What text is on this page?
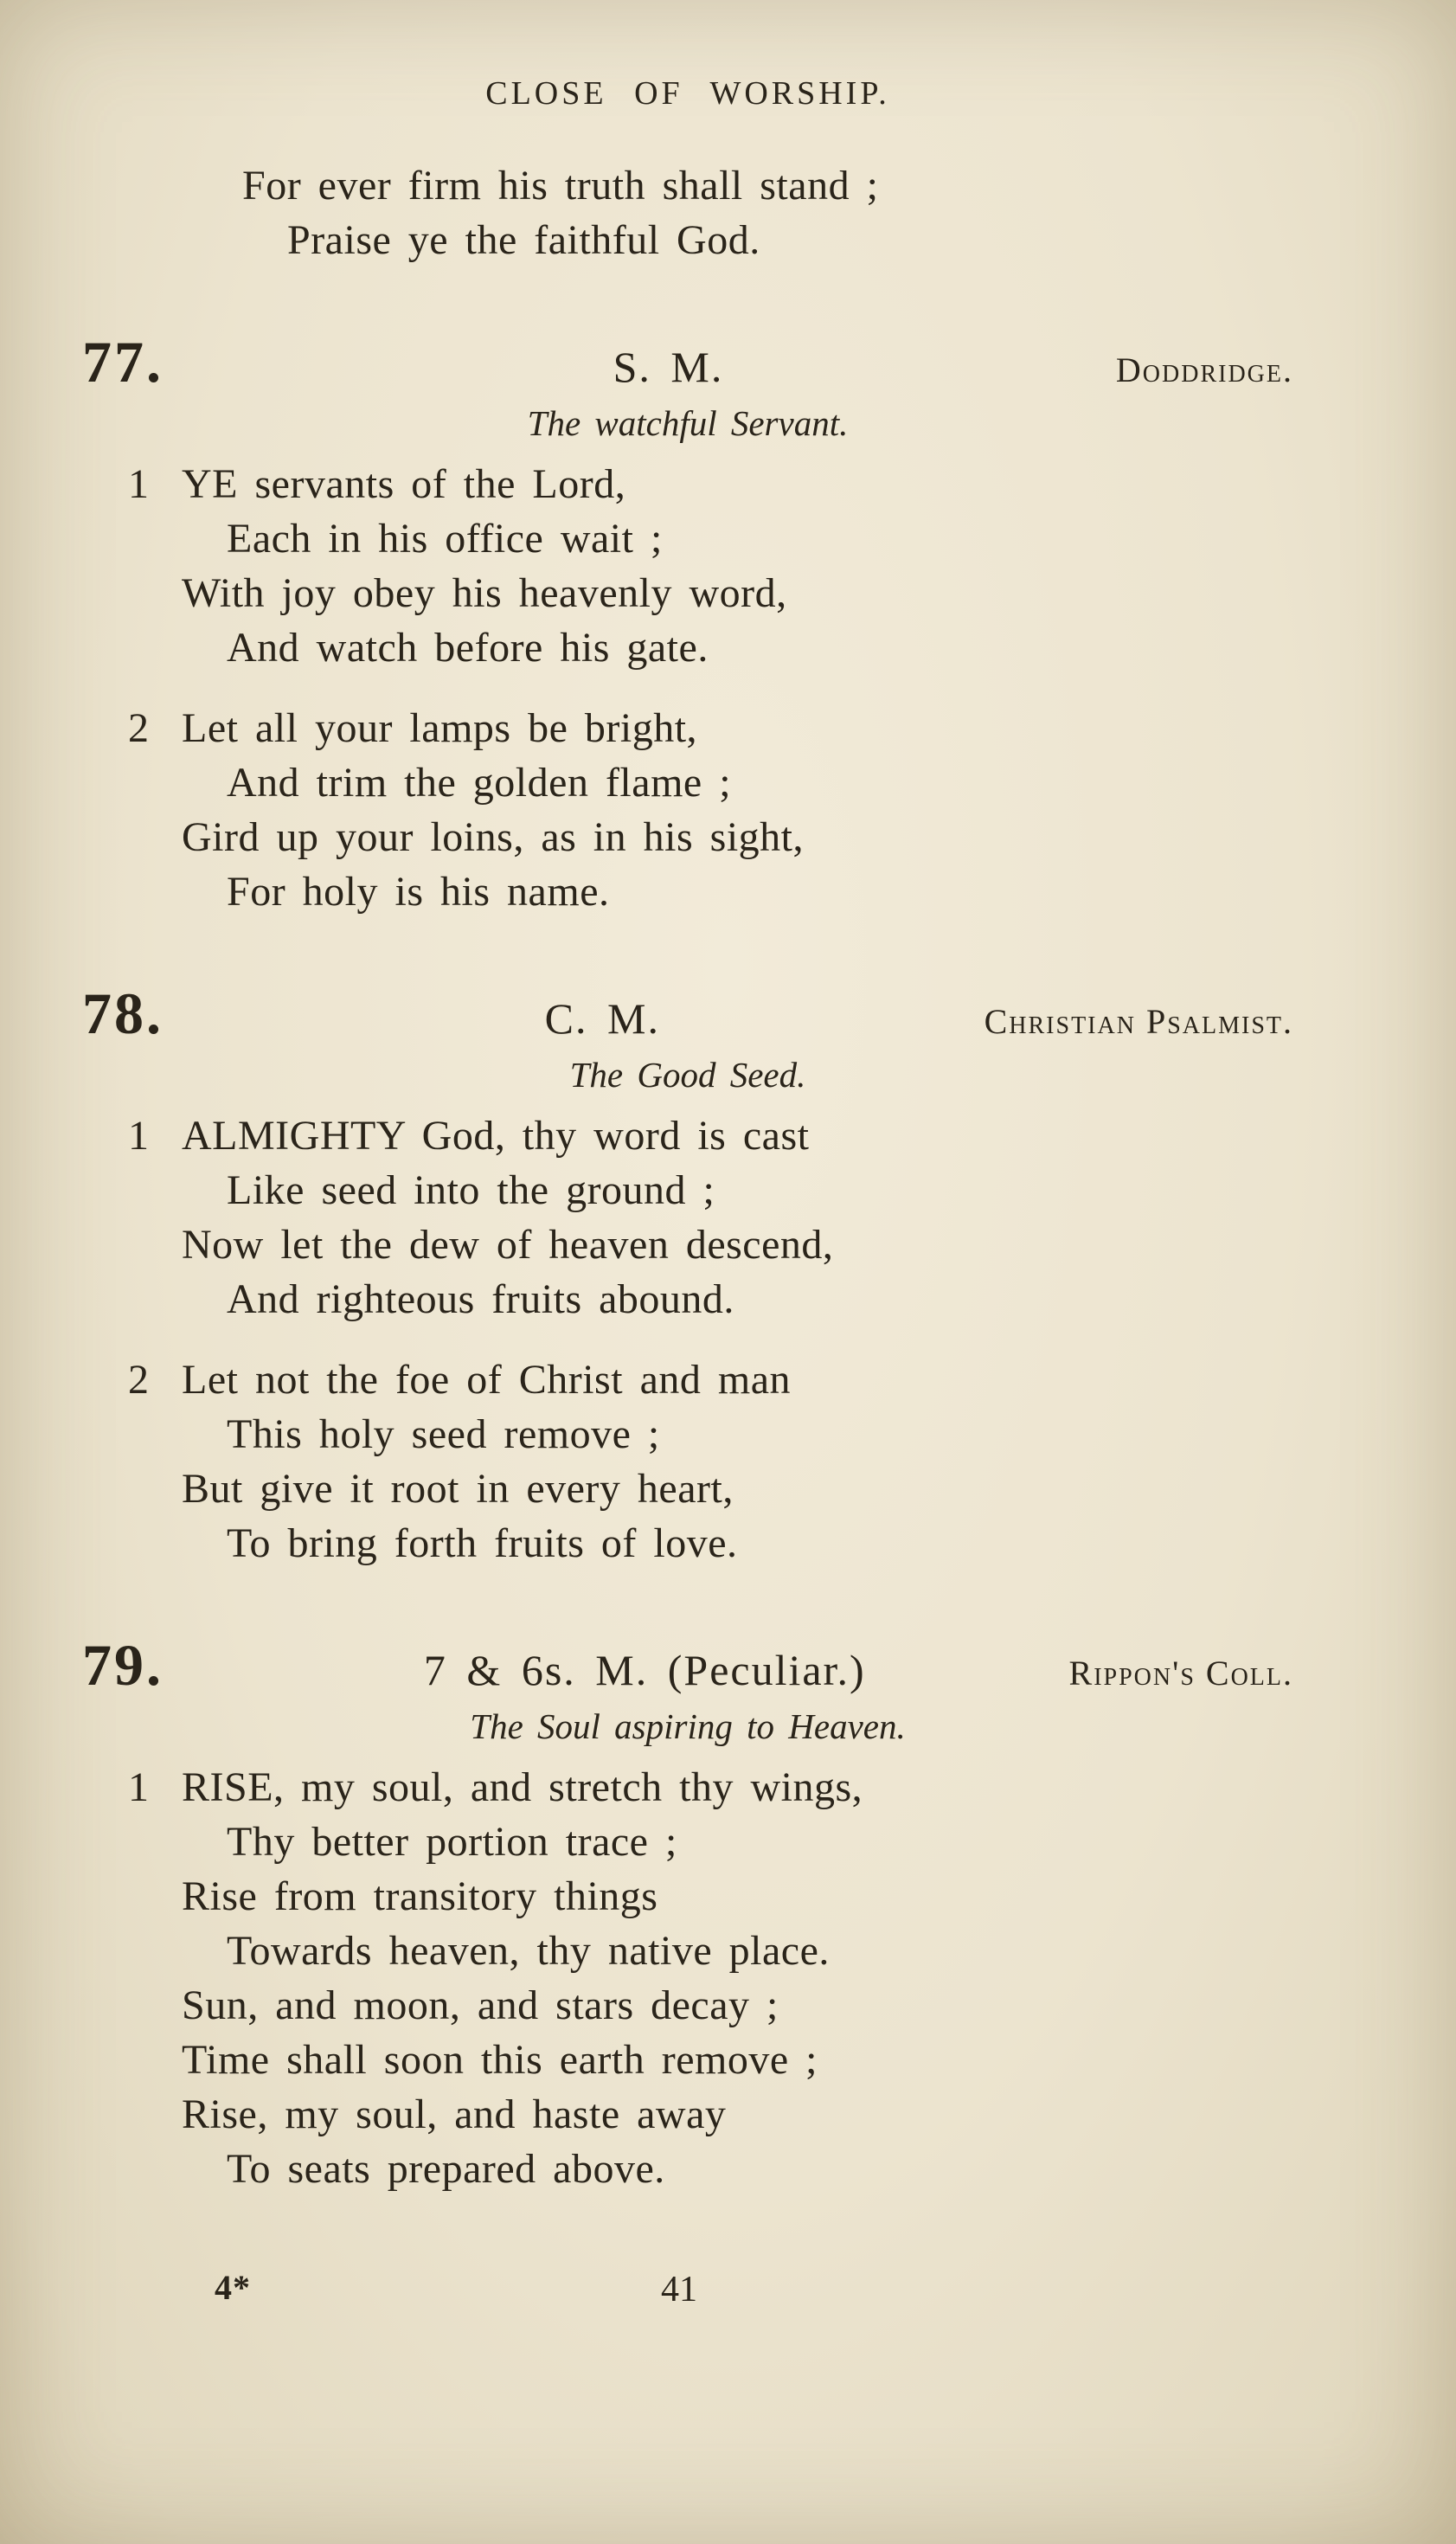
CLOSE OF WORSHIP.
For ever firm his truth shall stand ;
Praise ye the faithful God.
77.	S. M.	Doddridge.
The watchful Servant.
1 YE servants of the Lord,
Each in his office wait ;
With joy obey his heavenly word,
And watch before his gate.
2 Let all your lamps be bright,
And trim the golden flame ;
Gird up your loins, as in his sight,
For holy is his name.
78.	C. M.	Christian Psalmist.
The Good Seed.
1 ALMIGHTY God, thy word is cast
Like seed into the ground ;
Now let the dew of heaven descend,
And righteous fruits abound.
2 Let not the foe of Christ and man
This holy seed remove ;
But give it root in every heart,
To bring forth fruits of love.
79.	7 & 6s. M. (Peculiar.)	Rippon's Coll.
The Soul aspiring to Heaven.
1 RISE, my soul, and stretch thy wings,
Thy better portion trace ;
Rise from transitory things
Towards heaven, thy native place.
Sun, and moon, and stars decay ;
Time shall soon this earth remove ;
Rise, my soul, and haste away
To seats prepared above.
4*	41
